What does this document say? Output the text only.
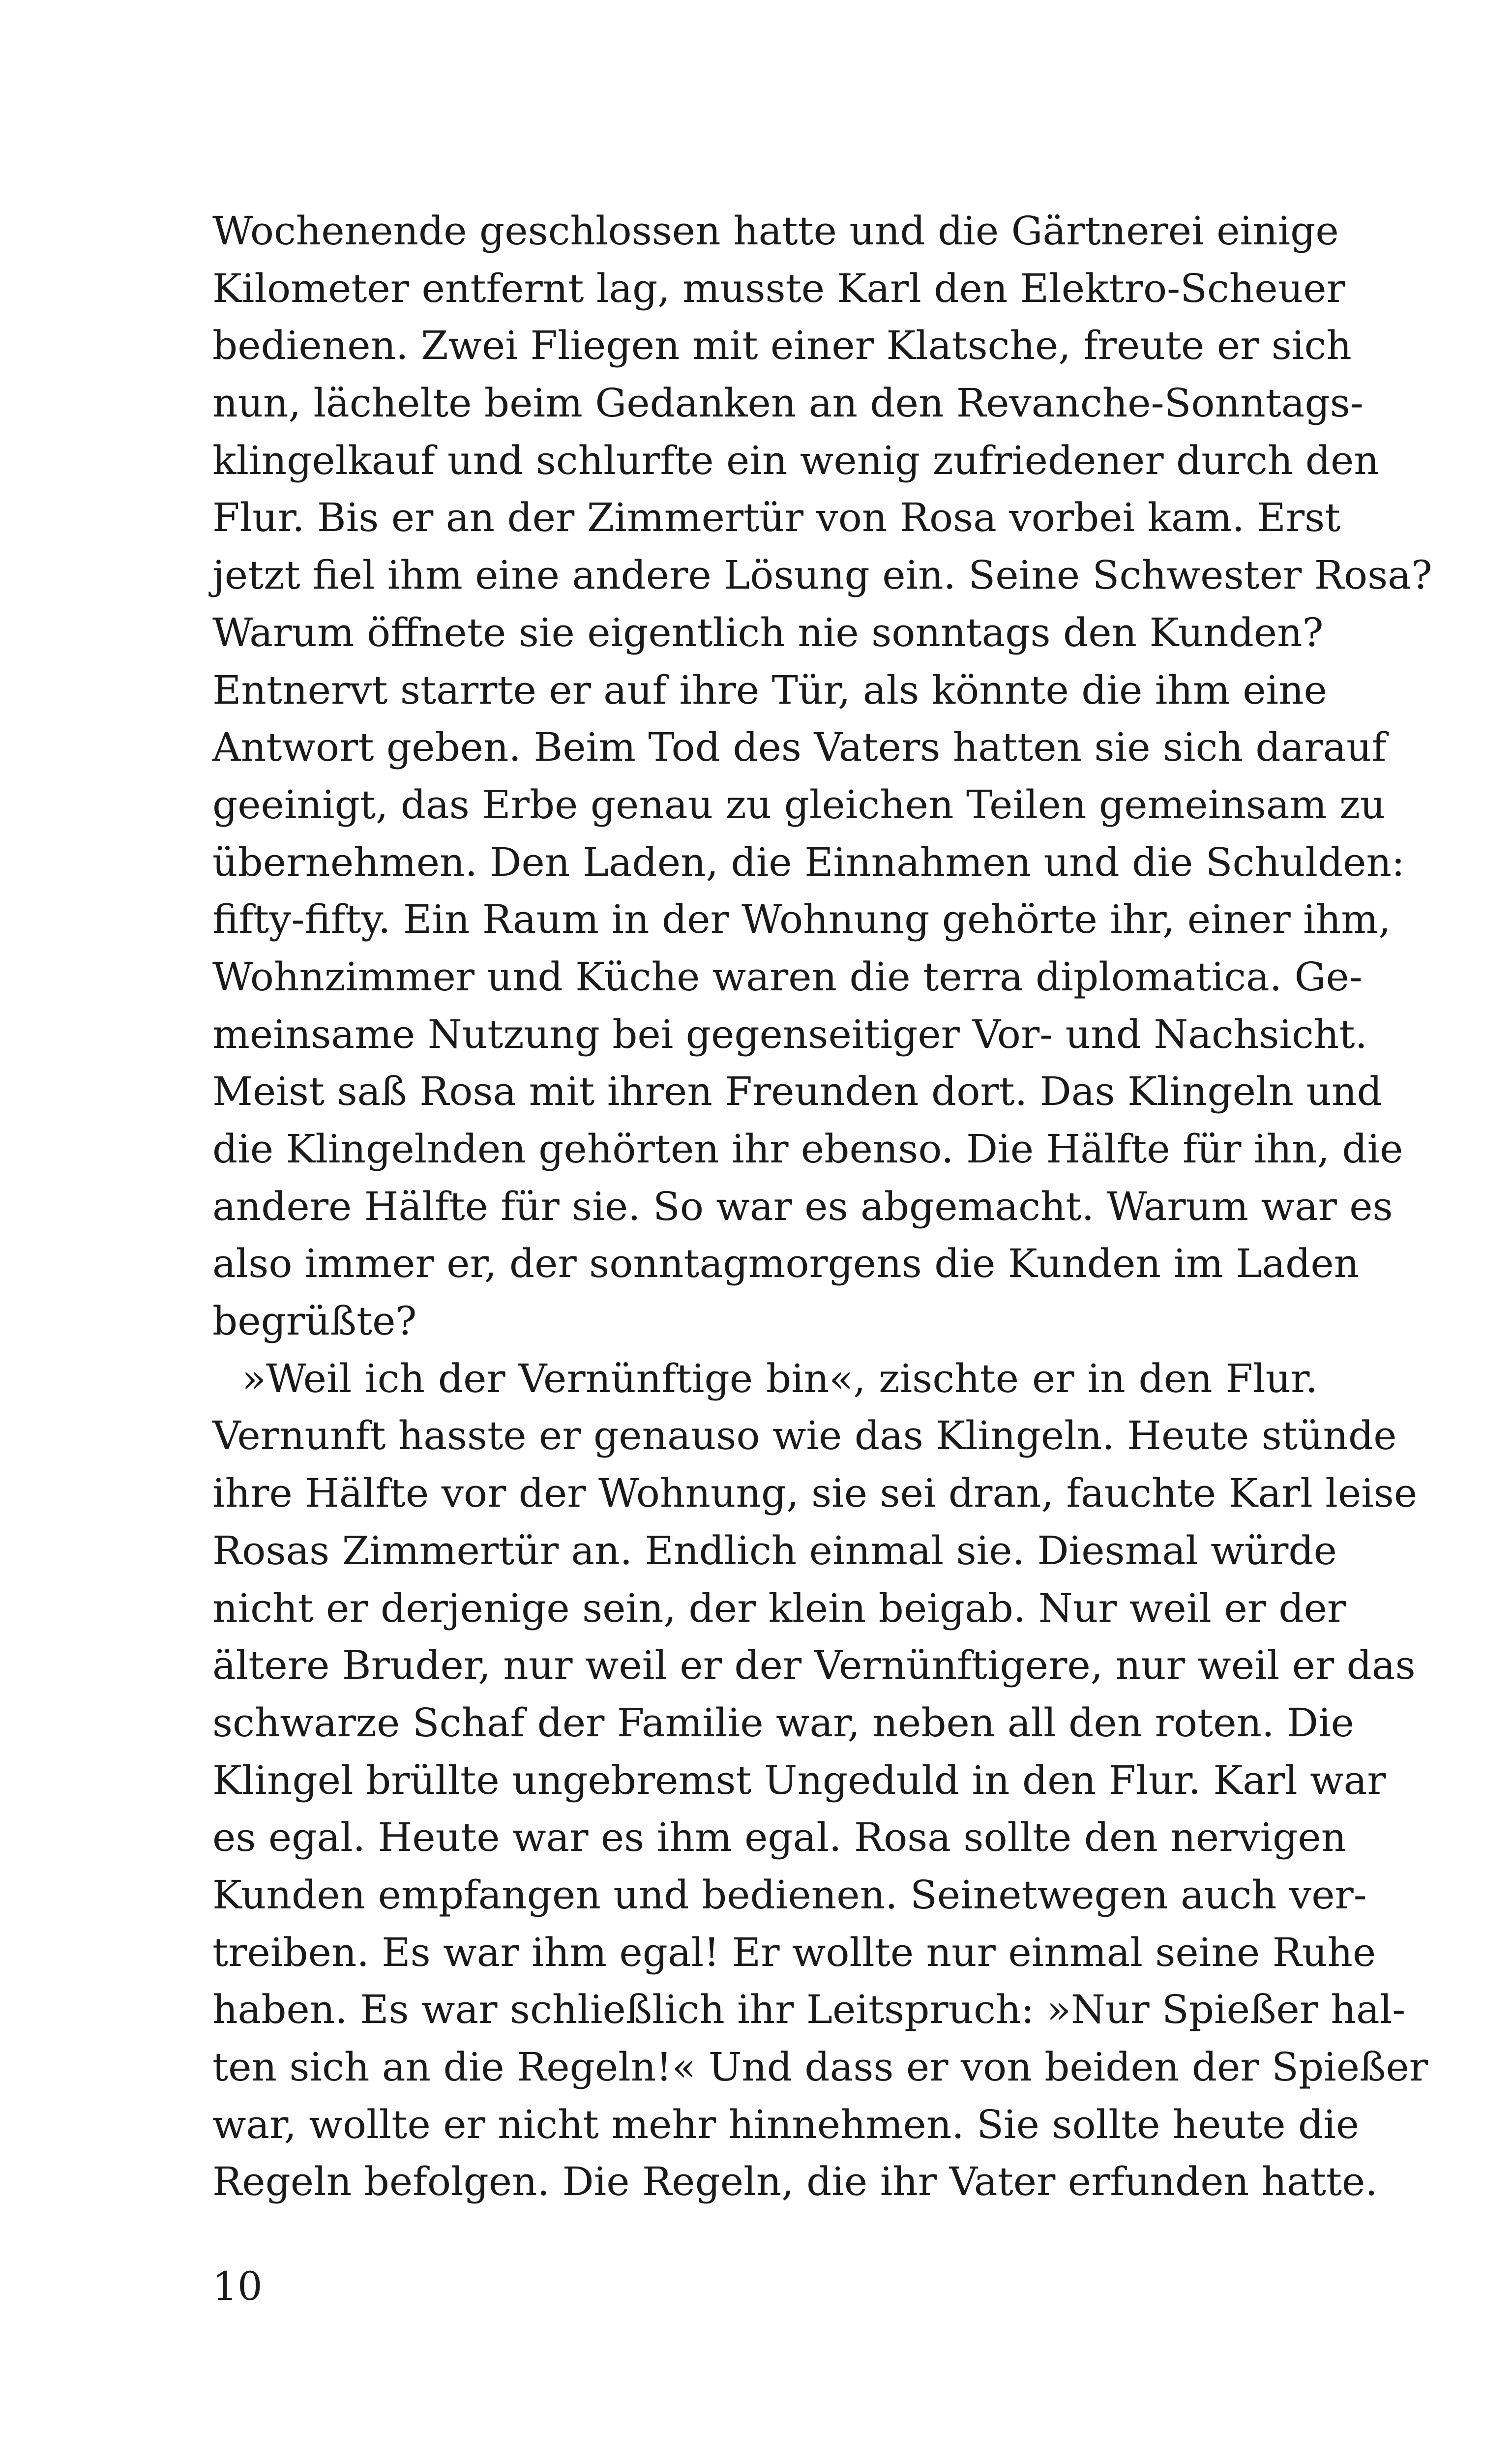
Wochenende geschlossen hatte und die Gärtnerei einige
Kilometer entfernt lag, musste Karl den Elektro-Scheuer
bedienen. Zwei Fliegen mit einer Klatsche, freute er sich
nun, lächelte beim Gedanken an den Revanche-Sonntags-
klingelkauf und schlurfte ein wenig zufriedener durch den
Flur. Bis er an der Zimmertür von Rosa vorbei kam. Erst
jetzt fiel ihm eine andere Lösung ein. Seine Schwester Rosa?
Warum öffnete sie eigentlich nie sonntags den Kunden?
Entnervt starrte er auf ihre Tür, als könnte die ihm eine
Antwort geben. Beim Tod des Vaters hatten sie sich darauf
geeinigt, das Erbe genau zu gleichen Teilen gemeinsam zu
übernehmen. Den Laden, die Einnahmen und die Schulden:
fifty-fifty. Ein Raum in der Wohnung gehörte ihr, einer ihm,
Wohnzimmer und Küche waren die terra diplomatica. Ge-
meinsame Nutzung bei gegenseitiger Vor- und Nachsicht.
Meist saß Rosa mit ihren Freunden dort. Das Klingeln und
die Klingelnden gehörten ihr ebenso. Die Hälfte für ihn, die
andere Hälfte für sie. So war es abgemacht. Warum war es
also immer er, der sonntagmorgens die Kunden im Laden
begrüßte?
»Weil ich der Vernünftige bin«, zischte er in den Flur.
Vernunft hasste er genauso wie das Klingeln. Heute stünde
ihre Hälfte vor der Wohnung, sie sei dran, fauchte Karl leise
Rosas Zimmertür an. Endlich einmal sie. Diesmal würde
nicht er derjenige sein, der klein beigab. Nur weil er der
ältere Bruder, nur weil er der Vernünftigere, nur weil er das
schwarze Schaf der Familie war, neben all den roten. Die
Klingel brüllte ungebremst Ungeduld in den Flur. Karl war
es egal. Heute war es ihm egal. Rosa sollte den nervigen
Kunden empfangen und bedienen. Seinetwegen auch ver-
treiben. Es war ihm egal! Er wollte nur einmal seine Ruhe
haben. Es war schließlich ihr Leitspruch: »Nur Spießer hal-
ten sich an die Regeln!« Und dass er von beiden der Spießer
war, wollte er nicht mehr hinnehmen. Sie sollte heute die
Regeln befolgen. Die Regeln, die ihr Vater erfunden hatte.
10
